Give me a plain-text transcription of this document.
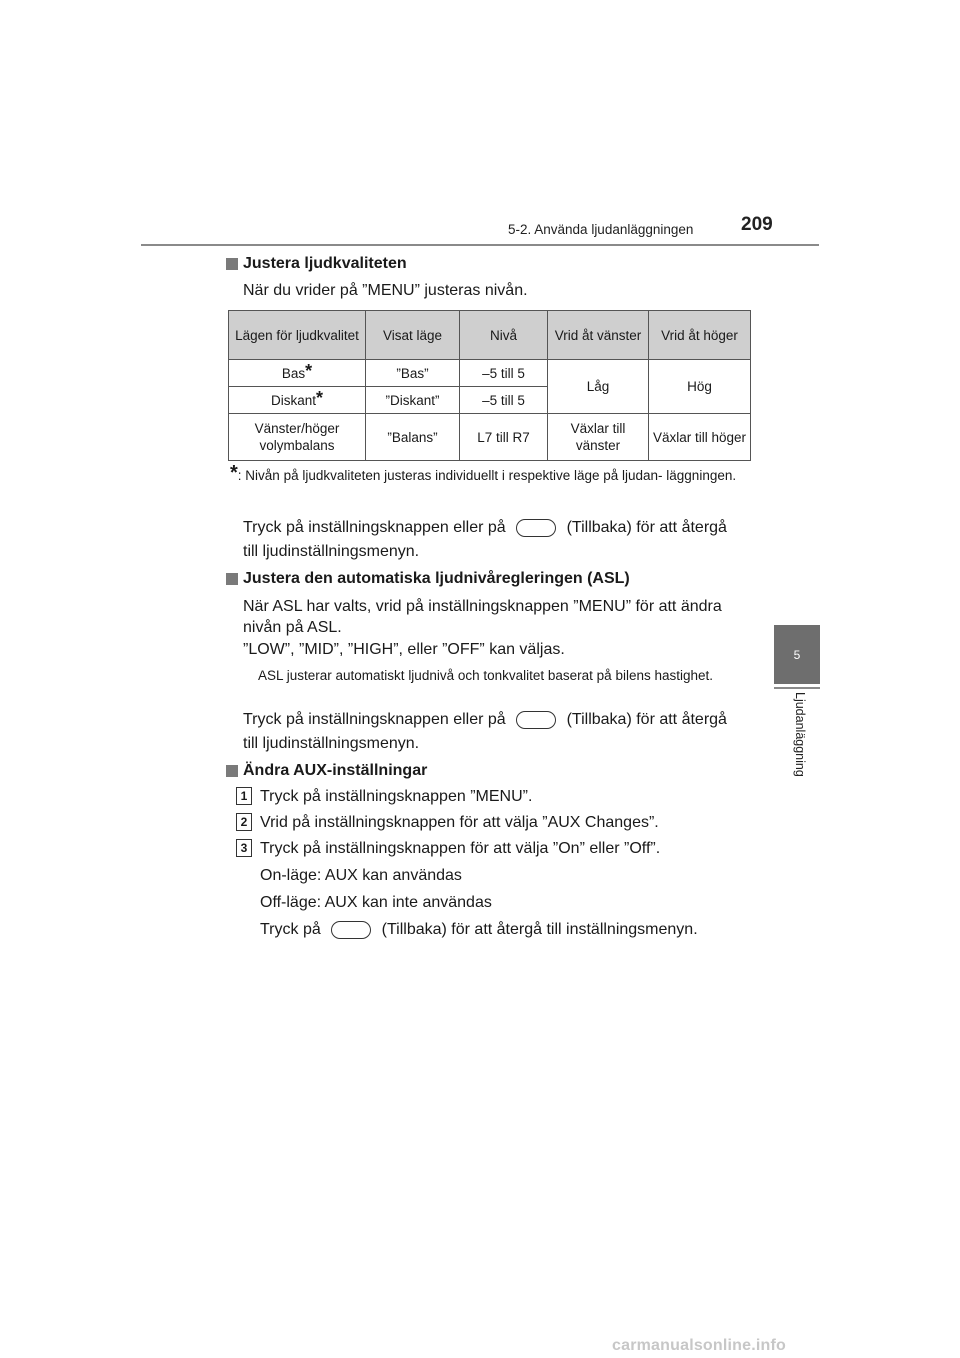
5-2. Använda ljudanläggningen	209
5
Ljudanläggning
Justera ljudkvaliteten
När du vrider på ”MENU” justeras nivån.
Lägen för ljudkvalitet	Visat läge	Nivå	Vrid åt vänster	Vrid åt höger
Bas*	”Bas”	–5 till 5	Låg	Hög
Diskant*	”Diskant”	–5 till 5		
Vänster/höger volymbalans	”Balans”	L7 till R7	Växlar till vänster	Växlar till höger
*: Nivån på ljudkvaliteten justeras individuellt i respektive läge på ljudan- läggningen.
Tryck på inställningsknappen eller på	(Tillbaka) för att återgå
till ljudinställningsmenyn.
Justera den automatiska ljudnivåregleringen (ASL)
När ASL har valts, vrid på inställningsknappen ”MENU” för att ändra
nivån på ASL.
”LOW”, ”MID”, ”HIGH”, eller ”OFF” kan väljas.
ASL justerar automatiskt ljudnivå och tonkvalitet baserat på bilens hastighet.
Tryck på inställningsknappen eller på	(Tillbaka) för att återgå
till ljudinställningsmenyn.
Ändra AUX-inställningar
1 Tryck på inställningsknappen ”MENU”.
2 Vrid på inställningsknappen för att välja ”AUX Changes”.
3 Tryck på inställningsknappen för att välja ”On” eller ”Off”.
On-läge: AUX kan användas
Off-läge: AUX kan inte användas
Tryck på	(Tillbaka) för att återgå till inställningsmenyn.
carmanualsonline.info
